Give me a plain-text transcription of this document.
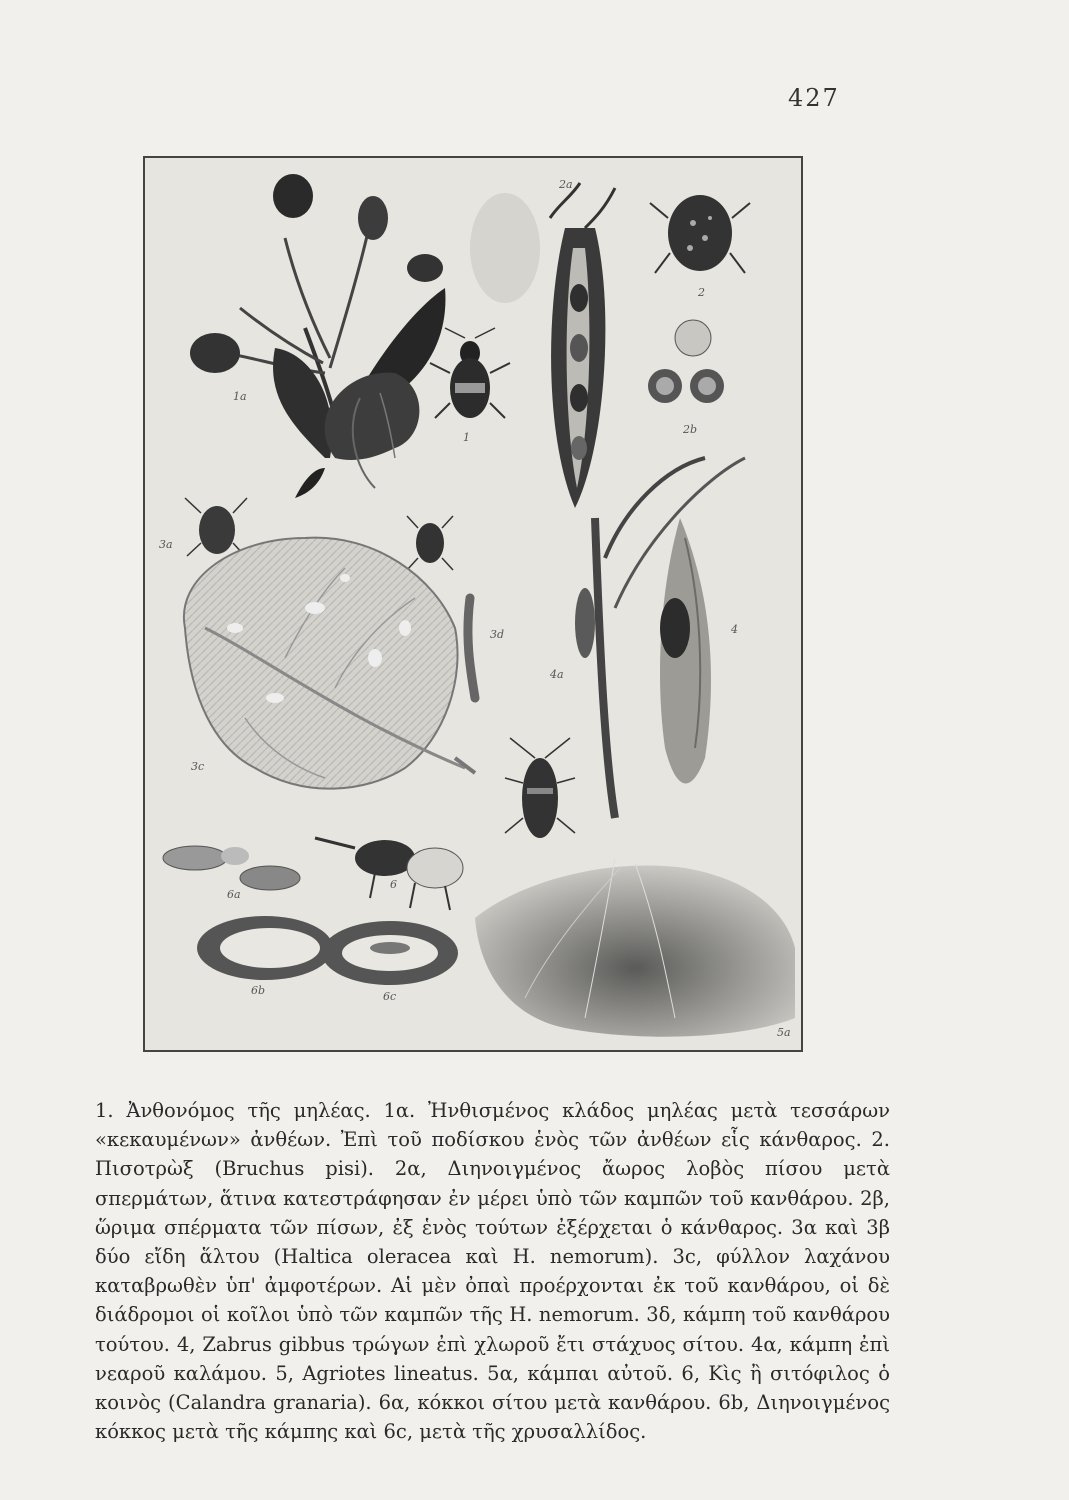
427
1a
1
2a
2
2b
3a
3d
3c
4
4a
5a
6
6a
6b	6c
1. Ἀνθονόμος τῆς μηλέας. 1α. Ἠνθισμένος κλάδος μηλέας μετὰ τεσσάρων «κεκαυμένων» ἀνθέων. Ἐπὶ τοῦ ποδίσκου ἑνὸς τῶν ἀνθέων εἷς κάνθαρος. 2. Πισοτρὼξ (Bruchus pisi). 2α, Διηνοιγμένος ἄωρος λοβὸς πίσου μετὰ σπερμάτων, ἅτινα κατεστράφησαν ἐν μέρει ὑπὸ τῶν καμπῶν τοῦ κανθάρου. 2β, ὥριμα σπέρματα τῶν πίσων, ἐξ ἑνὸς τούτων ἐξέρχεται ὁ κάνθαρος. 3α καὶ 3β δύο εἴδη ἅλτου (Haltica oleracea καὶ H. nemorum). 3c, φύλλον λαχάνου καταβρωθὲν ὑπ' ἀμφοτέρων. Αἱ μὲν ὀπαὶ προέρχονται ἐκ τοῦ κανθάρου, οἱ δὲ διάδρομοι οἱ κοῖλοι ὑπὸ τῶν καμπῶν τῆς H. nemorum. 3δ, κάμπη τοῦ κανθάρου τούτου. 4, Zabrus gibbus τρώγων ἐπὶ χλωροῦ ἔτι στάχυος σίτου. 4α, κάμπη ἐπὶ νεαροῦ καλάμου. 5, Agriotes lineatus. 5α, κάμπαι αὐτοῦ. 6, Κὶς ἢ σιτόφιλος ὁ κοινὸς (Calandra granaria). 6α, κόκκοι σίτου μετὰ κανθάρου. 6b, Διηνοιγμένος κόκκος μετὰ τῆς κάμπης καὶ 6c, μετὰ τῆς χρυσαλλίδος.
